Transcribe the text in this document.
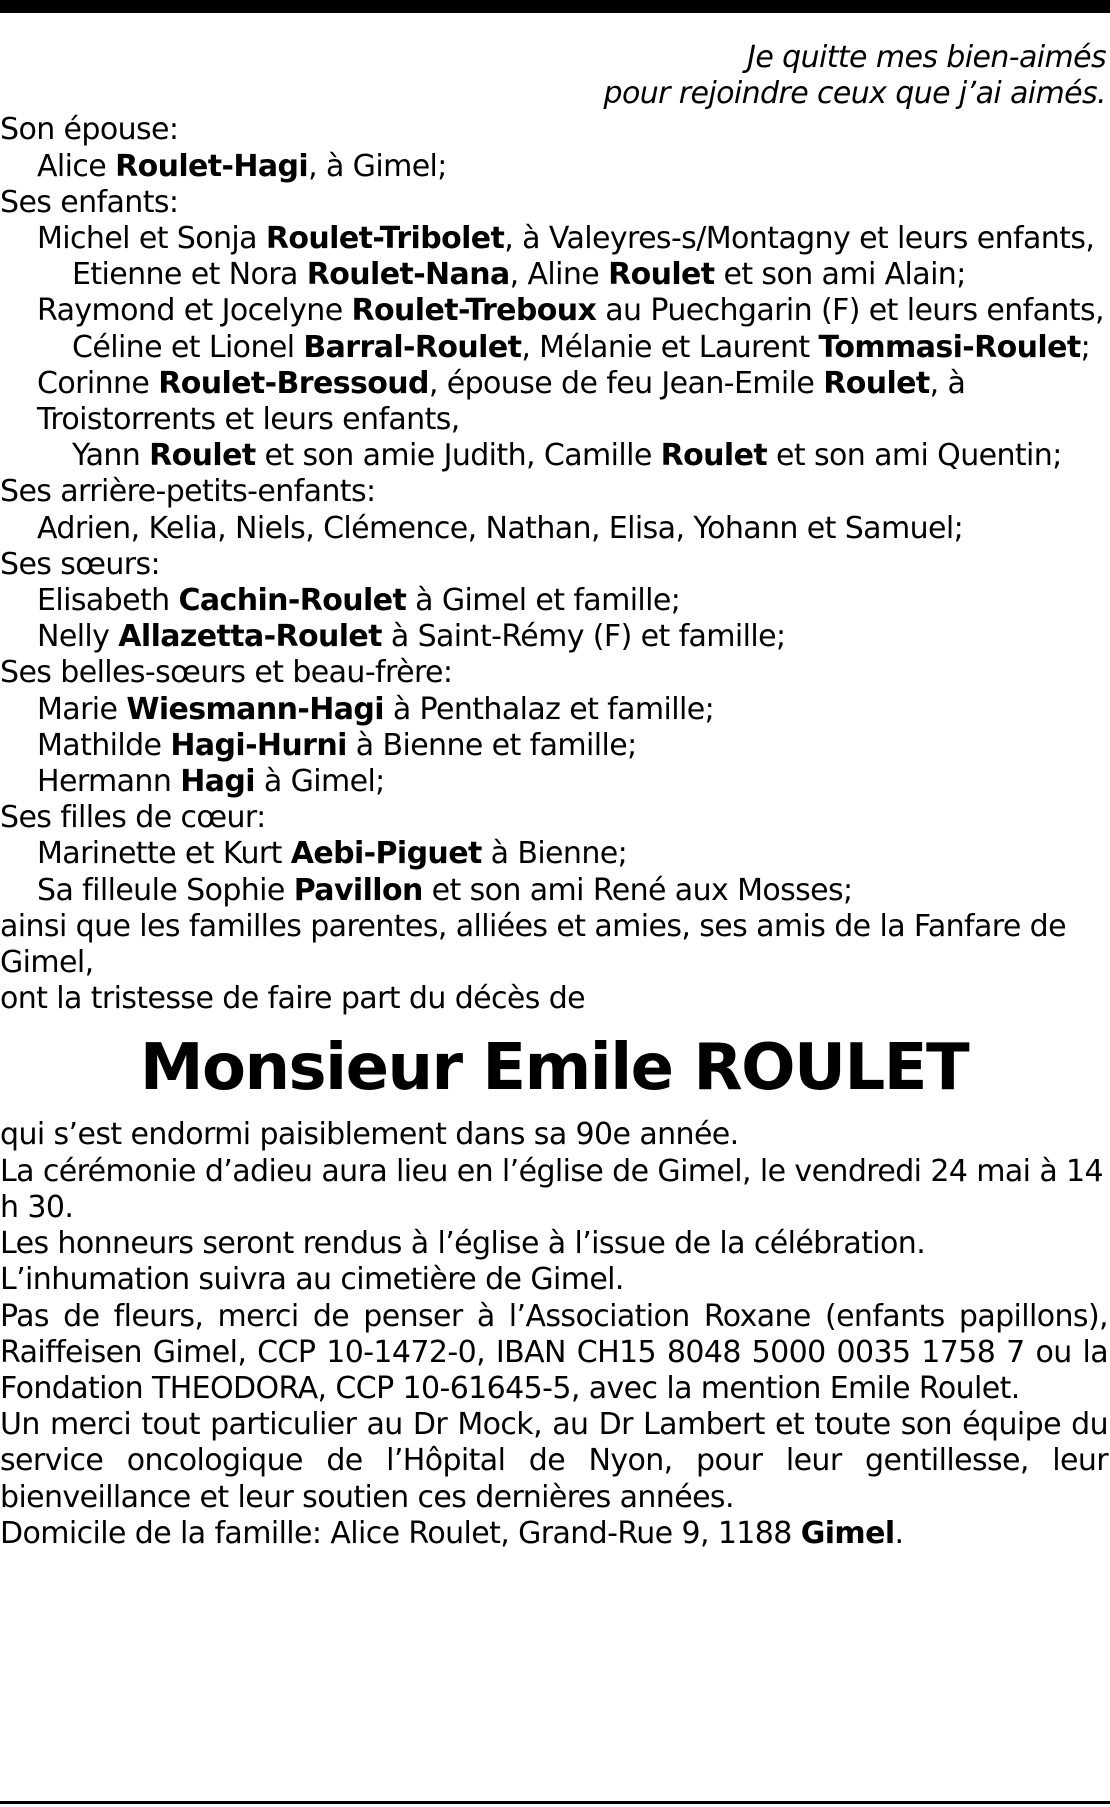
Je quitte mes bien-aimés
pour rejoindre ceux que j’ai aimés.
Son épouse:
Alice Roulet-Hagi, à Gimel;
Ses enfants:
Michel et Sonja Roulet-Tribolet, à Valeyres-s/Montagny et leurs enfants,
Etienne et Nora Roulet-Nana, Aline Roulet et son ami Alain;
Raymond et Jocelyne Roulet-Treboux au Puechgarin (F) et leurs enfants,
Céline et Lionel Barral-Roulet, Mélanie et Laurent Tommasi-Roulet;
Corinne Roulet-Bressoud, épouse de feu Jean-Emile Roulet, à Troistorrents et leurs enfants,
Yann Roulet et son amie Judith, Camille Roulet et son ami Quentin;
Ses arrière-petits-enfants:
Adrien, Kelia, Niels, Clémence, Nathan, Elisa, Yohann et Samuel;
Ses sœurs:
Elisabeth Cachin-Roulet à Gimel et famille;
Nelly Allazetta-Roulet à Saint-Rémy (F) et famille;
Ses belles-sœurs et beau-frère:
Marie Wiesmann-Hagi à Penthalaz et famille;
Mathilde Hagi-Hurni à Bienne et famille;
Hermann Hagi à Gimel;
Ses filles de cœur:
Marinette et Kurt Aebi-Piguet à Bienne;
Sa filleule Sophie Pavillon et son ami René aux Mosses;
ainsi que les familles parentes, alliées et amies, ses amis de la Fanfare de Gimel,
ont la tristesse de faire part du décès de
Monsieur Emile ROULET
qui s’est endormi paisiblement dans sa 90e année.
La cérémonie d’adieu aura lieu en l’église de Gimel, le vendredi 24 mai à 14 h 30.
Les honneurs seront rendus à l’église à l’issue de la célébration.
L’inhumation suivra au cimetière de Gimel.
Pas de fleurs, merci de penser à l’Association Roxane (enfants papillons), Raiffeisen Gimel, CCP 10-1472-0, IBAN CH15 8048 5000 0035 1758 7 ou la Fondation THEODORA, CCP 10-61645-5, avec la mention Emile Roulet.
Un merci tout particulier au Dr Mock, au Dr Lambert et toute son équipe du service oncologique de l’Hôpital de Nyon, pour leur gentillesse, leur bienveillance et leur soutien ces dernières années.
Domicile de la famille: Alice Roulet, Grand-Rue 9, 1188 Gimel.
